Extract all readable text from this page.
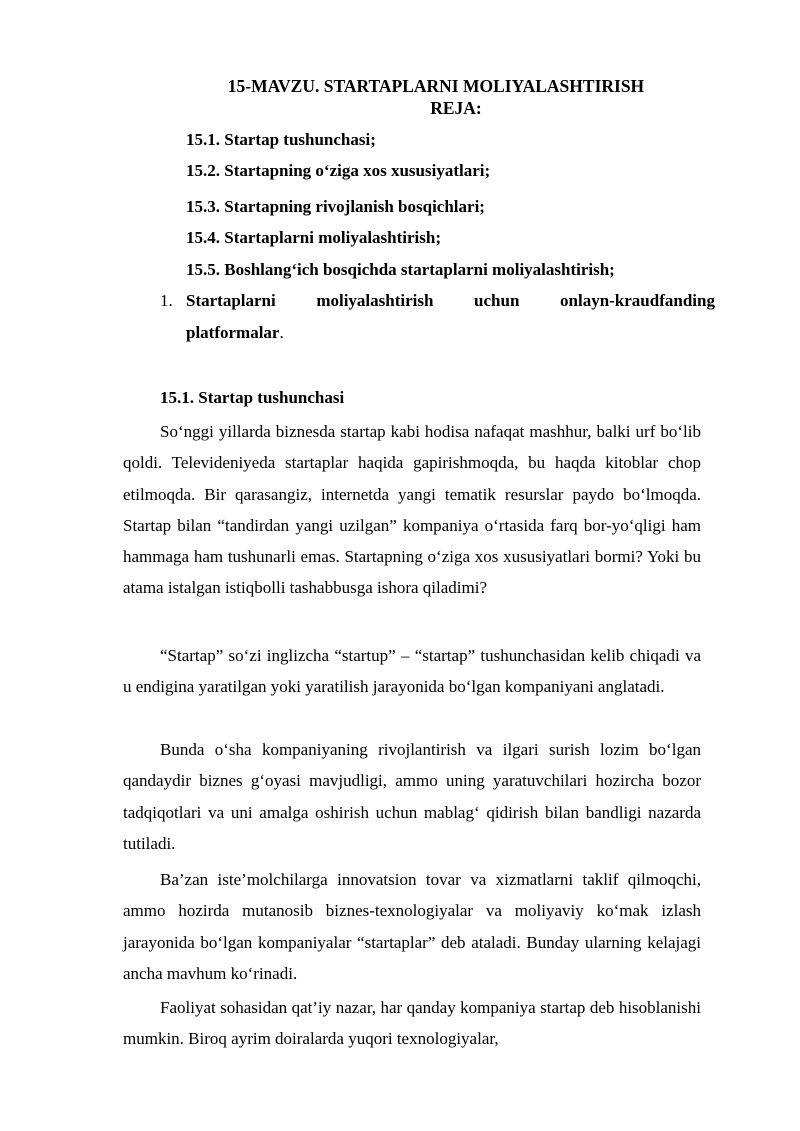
15-MAVZU. STARTAPLARNI MOLIYALASHTIRISH
REJA:
15.1. Startap tushunchasi;
15.2. Startapning o‘ziga xos xususiyatlari;
15.3. Startapning rivojlanish bosqichlari;
15.4. Startaplarni moliyalashtirish;
15.5. Boshlang‘ich bosqichda startaplarni moliyalashtirish;
1. Startaplarni moliyalashtirish uchun onlayn-kraudfanding
platformalar.
15.1. Startap tushunchasi
So‘nggi yillarda biznesda startap kabi hodisa nafaqat mashhur, balki urf bo‘lib qoldi. Televideniyeda startaplar haqida gapirishmoqda, bu haqda kitoblar chop etilmoqda. Bir qarasangiz, internetda yangi tematik resurslar paydo bo‘lmoqda. Startap bilan “tandirdan yangi uzilgan” kompaniya o‘rtasida farq bor-yo‘qligi ham hammaga ham tushunarli emas. Startapning o‘ziga xos xususiyatlari bormi? Yoki bu atama istalgan istiqbolli tashabbusga ishora qiladimi?
“Startap” so‘zi inglizcha “startup” – “startap” tushunchasidan kelib chiqadi va u endigina yaratilgan yoki yaratilish jarayonida bo‘lgan kompaniyani anglatadi.
Bunda o‘sha kompaniyaning rivojlantirish va ilgari surish lozim bo‘lgan qandaydir biznes g‘oyasi mavjudligi, ammo uning yaratuvchilari hozircha bozor tadqiqotlari va uni amalga oshirish uchun mablag‘ qidirish bilan bandligi nazarda tutiladi.
Ba’zan iste’molchilarga innovatsion tovar va xizmatlarni taklif qilmoqchi, ammo hozirda mutanosib biznes-texnologiyalar va moliyaviy ko‘mak izlash jarayonida bo‘lgan kompaniyalar “startaplar” deb ataladi. Bunday ularning kelajagi ancha mavhum ko‘rinadi.
Faoliyat sohasidan qat’iy nazar, har qanday kompaniya startap deb hisoblanishi mumkin. Biroq ayrim doiralarda yuqori texnologiyalar,
